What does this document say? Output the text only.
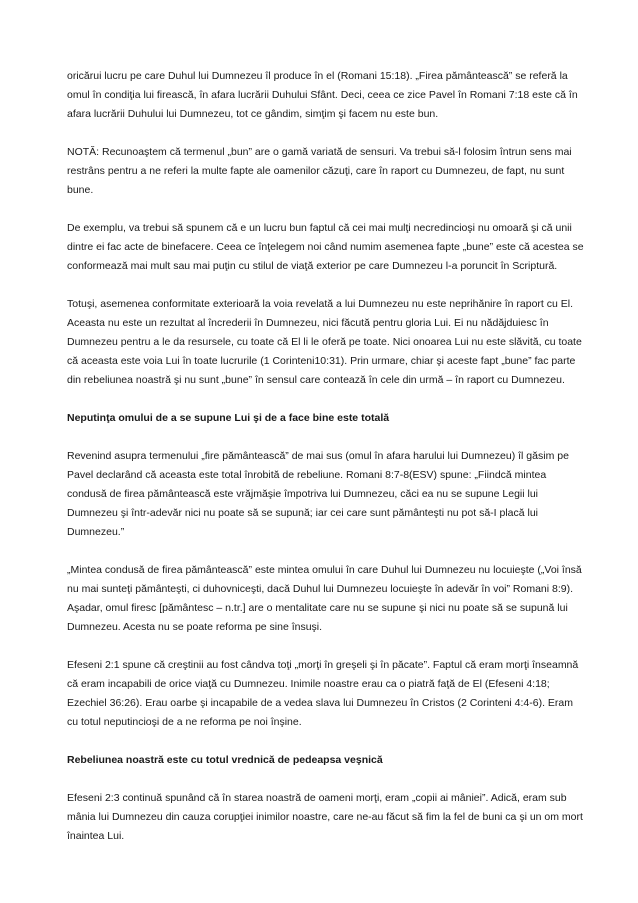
oricărui lucru pe care Duhul lui Dumnezeu îl produce în el (Romani 15:18). „Firea pământească” se referă la omul în condiţia lui firească, în afara lucrării Duhului Sfânt. Deci, ceea ce zice Pavel în Romani 7:18 este că în afara lucrării Duhului lui Dumnezeu, tot ce gândim, simţim şi facem nu este bun.

NOTĂ: Recunoaştem că termenul „bun” are o gamă variată de sensuri. Va trebui să-l folosim întrun sens mai restrâns pentru a ne referi la multe fapte ale oamenilor căzuţi, care în raport cu Dumnezeu, de fapt, nu sunt bune.

De exemplu, va trebui să spunem că e un lucru bun faptul că cei mai mulţi necredincioşi nu omoară şi că unii dintre ei fac acte de binefacere. Ceea ce înţelegem noi când numim asemenea fapte „bune” este că acestea se conformează mai mult sau mai puţin cu stilul de viaţă exterior pe care Dumnezeu l-a poruncit în Scriptură.

Totuşi, asemenea conformitate exterioară la voia revelată a lui Dumnezeu nu este neprihănire în raport cu El. Aceasta nu este un rezultat al încrederii în Dumnezeu, nici făcută pentru gloria Lui. Ei nu nădăjduiesc în Dumnezeu pentru a le da resursele, cu toate că El li le oferă pe toate. Nici onoarea Lui nu este slăvită, cu toate că aceasta este voia Lui în toate lucrurile (1 Corinteni10:31). Prin urmare, chiar şi aceste fapt „bune” fac parte din rebeliunea noastră şi nu sunt „bune” în sensul care contează în cele din urmă – în raport cu Dumnezeu.

Neputinţa omului de a se supune Lui şi de a face bine este totală

Revenind asupra termenului „fire pământească” de mai sus (omul în afara harului lui Dumnezeu) îl găsim pe Pavel declarând că aceasta este total înrobită de rebeliune. Romani 8:7-8(ESV) spune: „Fiindcă mintea condusă de firea pământească este vrăjmăşie împotriva lui Dumnezeu, căci ea nu se supune Legii lui Dumnezeu şi într-adevăr nici nu poate să se supună; iar cei care sunt pământeşti nu pot să-I placă lui Dumnezeu.”

„Mintea condusă de firea pământească” este mintea omului în care Duhul lui Dumnezeu nu locuieşte („Voi însă nu mai sunteţi pământeşti, ci duhovniceşti, dacă Duhul lui Dumnezeu locuieşte în adevăr în voi” Romani 8:9). Aşadar, omul firesc [pământesc – n.tr.] are o mentalitate care nu se supune şi nici nu poate să se supună lui Dumnezeu. Acesta nu se poate reforma pe sine însuşi.

Efeseni 2:1 spune că creştinii au fost cândva toţi „morţi în greşeli şi în păcate”. Faptul că eram morţi înseamnă că eram incapabili de orice viaţă cu Dumnezeu. Inimile noastre erau ca o piatră faţă de El (Efeseni 4:18; Ezechiel 36:26). Erau oarbe şi incapabile de a vedea slava lui Dumnezeu în Cristos (2 Corinteni 4:4-6). Eram cu totul neputincioşi de a ne reforma pe noi înşine.

Rebeliunea noastră este cu totul vrednică de pedeapsa veşnică

Efeseni 2:3 continuă spunând că în starea noastră de oameni morţi, eram „copii ai mâniei”. Adică, eram sub mânia lui Dumnezeu din cauza corupţiei inimilor noastre, care ne-au făcut să fim la fel de buni ca şi un om mort înaintea Lui.
